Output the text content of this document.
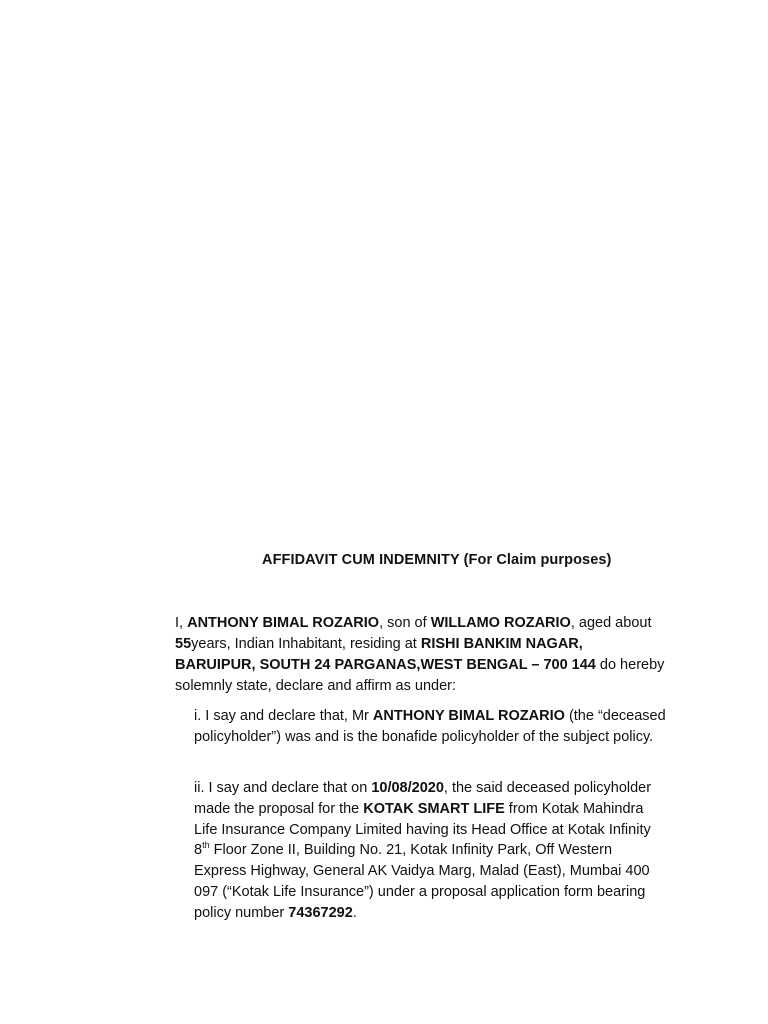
AFFIDAVIT CUM INDEMNITY (For Claim purposes)
I, ANTHONY BIMAL ROZARIO, son of WILLAMO ROZARIO, aged about 55years, Indian Inhabitant, residing at RISHI BANKIM NAGAR, BARUIPUR, SOUTH 24 PARGANAS,WEST BENGAL – 700 144 do hereby solemnly state, declare and affirm as under:
i. I say and declare that, Mr ANTHONY BIMAL ROZARIO (the “deceased policyholder”) was and is the bonafide policyholder of the subject policy.
ii. I say and declare that on 10/08/2020, the said deceased policyholder made the proposal for the KOTAK SMART LIFE from Kotak Mahindra Life Insurance Company Limited having its Head Office at Kotak Infinity 8th Floor Zone II, Building No. 21, Kotak Infinity Park, Off Western Express Highway, General AK Vaidya Marg, Malad (East), Mumbai 400 097 (“Kotak Life Insurance”) under a proposal application form bearing policy number 74367292.
